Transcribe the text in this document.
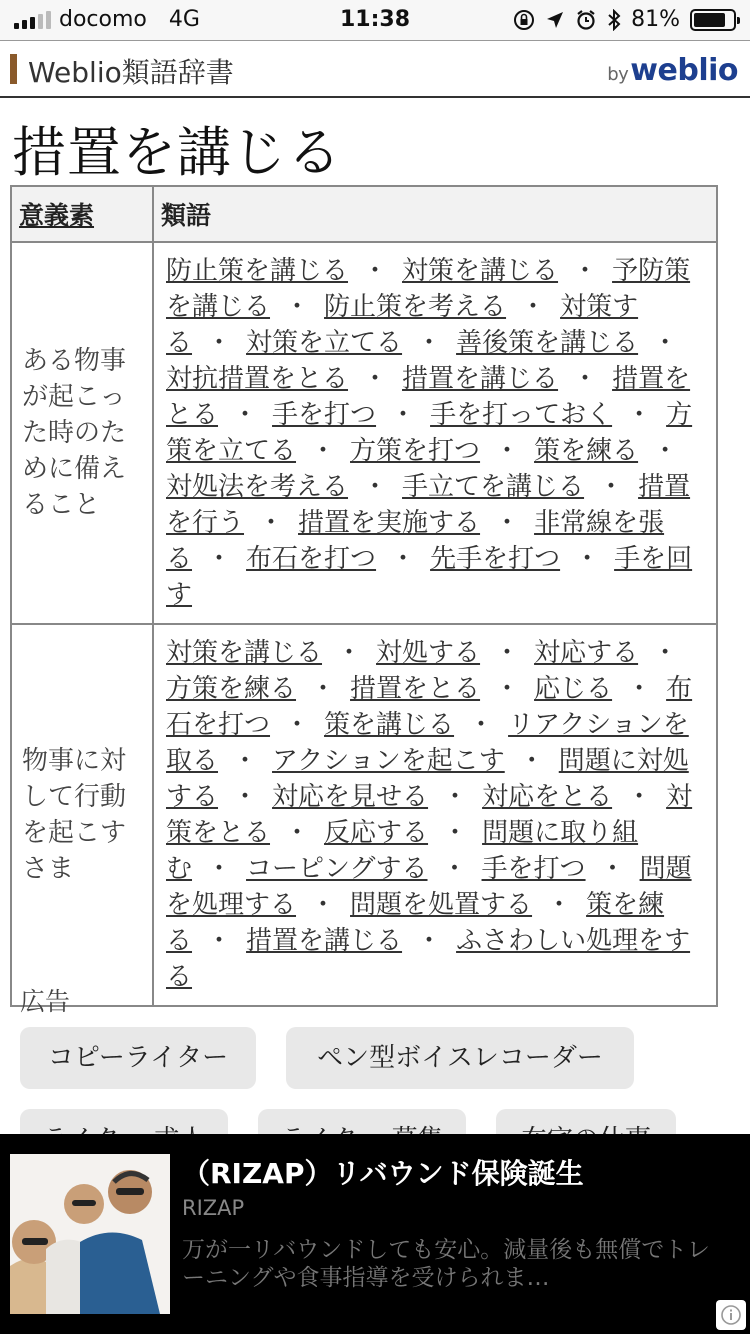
docomo 4G	11:38	81%
Weblio類語辞書	byweblio
措置を講じる
意義素	類語
ある物事が起こった時のために備えること	防止策を講じる ・ 対策を講じる ・ 予防策を講じる ・ 防止策を考える ・ 対策する ・ 対策を立てる ・ 善後策を講じる ・対抗措置をとる ・ 措置を講じる ・ 措置をとる ・ 手を打つ ・ 手を打っておく ・ 方策を立てる ・ 方策を打つ ・ 策を練る ・対処法を考える ・ 手立てを講じる ・ 措置を行う ・ 措置を実施する ・ 非常線を張る ・ 布石を打つ ・ 先手を打つ ・ 手を回す
物事に対して行動を起こすさま	対策を講じる ・ 対処する ・ 対応する ・方策を練る ・ 措置をとる ・ 応じる ・ 布石を打つ ・ 策を講じる ・ リアクションを取る ・ アクションを起こす ・ 問題に対処する ・ 対応を見せる ・ 対応をとる ・ 対策をとる ・ 反応する ・ 問題に取り組む ・ コーピングする ・ 手を打つ ・ 問題を処理する ・ 問題を処置する ・ 策を練る ・ 措置を講じる ・ ふさわしい処理をする
広告
コピーライター	ペン型ボイスレコーダー
（RIZAP）リバウンド保険誕生
RIZAP
万が一リバウンドしても安心。減量後も無償でトレーニングや食事指導を受けられま…
